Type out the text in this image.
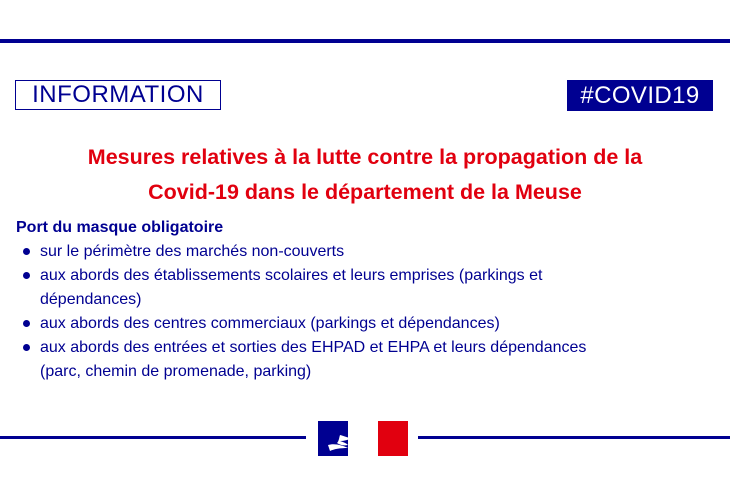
INFORMATION	#COVID19
Mesures relatives à la lutte contre la propagation de la
Covid-19 dans le département de la Meuse
Port du masque obligatoire
sur le périmètre des marchés non-couverts
aux abords des établissements scolaires et leurs emprises (parkings et
dépendances)
aux abords des centres commerciaux (parkings et dépendances)
aux abords des entrées et sorties des EHPAD et EHPA et leurs dépendances
(parc, chemin de promenade, parking)
